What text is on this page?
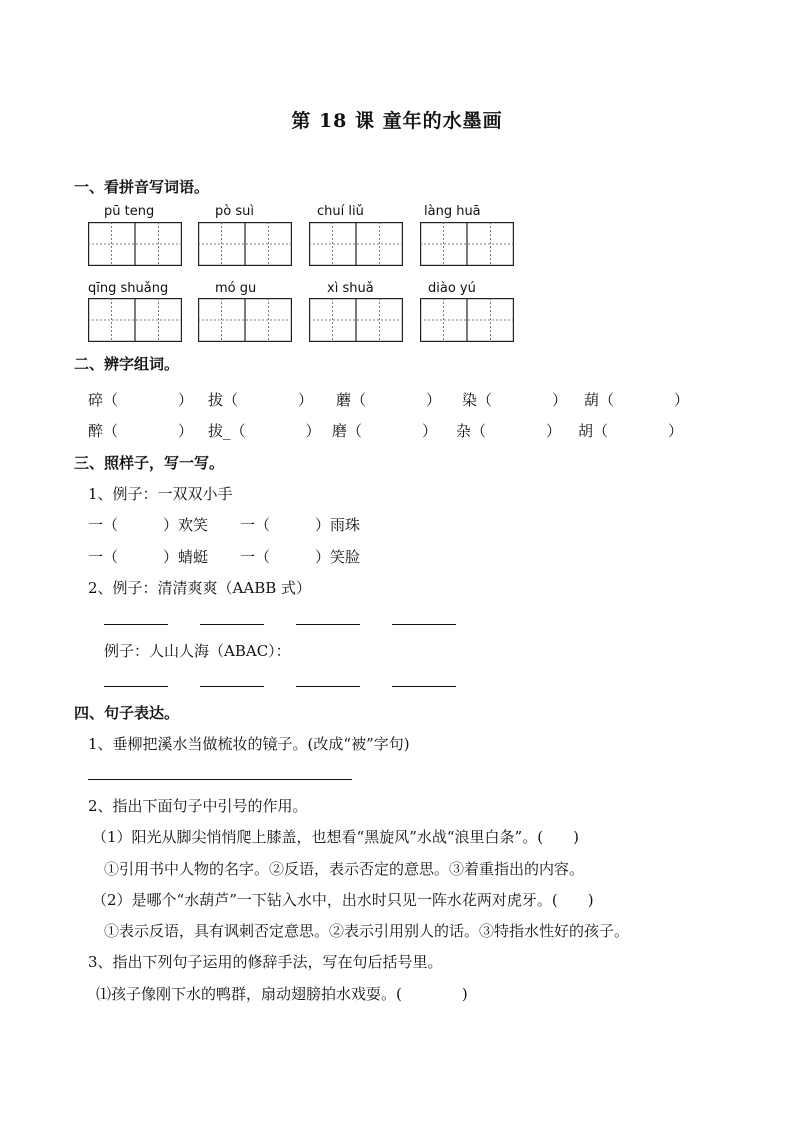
第 18 课 童年的水墨画
一、看拼音写词语。
pū teng	pò suì	chuí liǔ	làng huā
qīng shuǎng	mó gu	xì shuǎ	diào yú
二、辨字组词。
碎（　　　　） 拔（　　　　） 蘑（　　　　） 染（　　　　） 葫（　　　　）
醉（　　　　） 拔_（　　　　） 磨（　　　　） 杂（　　　　） 胡（　　　　）
三、照样子，写一写。
1、例子：一双双小手
一（　　　）欢笑 一（　　　）雨珠
一（　　　）蜻蜓 一（　　　）笑脸
2、例子：清清爽爽（AABB 式）
例子：人山人海（ABAC）：
四、句子表达。
1、垂柳把溪水当做梳妆的镜子。(改成“被”字句)
2、指出下面句子中引号的作用。
（1）阳光从脚尖悄悄爬上膝盖，也想看“黑旋风”水战“浪里白条”。(　　)
①引用书中人物的名字。②反语，表示否定的意思。③着重指出的内容。
（2）是哪个“水葫芦”一下钻入水中，出水时只见一阵水花两对虎牙。(　　)
①表示反语，具有讽刺否定意思。②表示引用别人的话。③特指水性好的孩子。
3、指出下列句子运用的修辞手法，写在句后括号里。
⑴孩子像刚下水的鸭群，扇动翅膀拍水戏耍。(　　　　)
